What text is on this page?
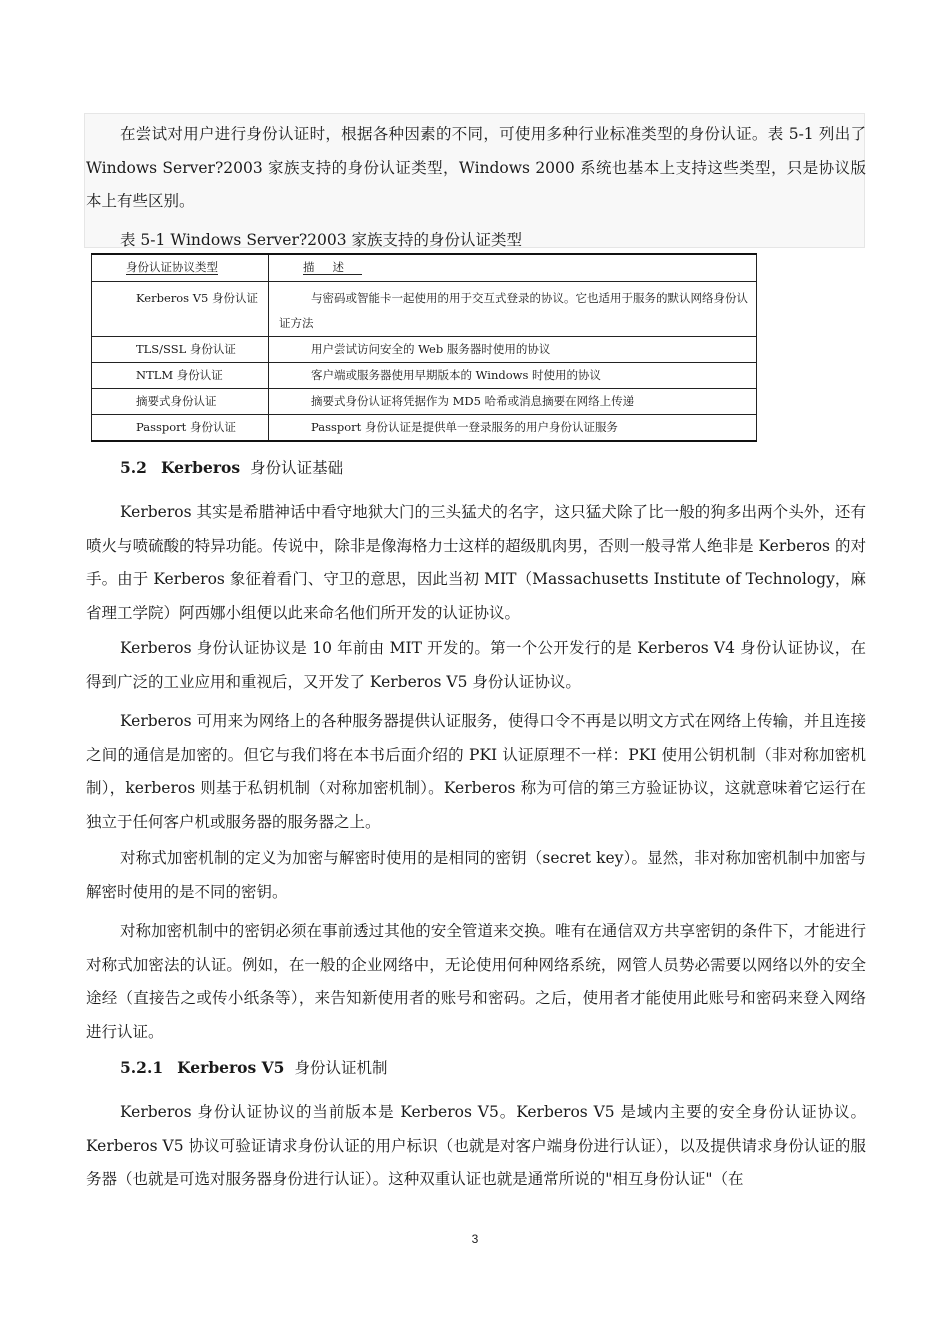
在尝试对用户进行身份认证时，根据各种因素的不同，可使用多种行业标准类型的身份认证。表 5-1 列出了 Windows Server?2003 家族支持的身份认证类型，Windows 2000 系统也基本上支持这些类型，只是协议版本上有些区别。

表 5-1 Windows Server?2003 家族支持的身份认证类型

身份认证协议类型	描述
Kerberos V5 身份认证	与密码或智能卡一起使用的用于交互式登录的协议。它也适用于服务的默认网络身份认证方法
TLS/SSL 身份认证	用户尝试访问安全的 Web 服务器时使用的协议
NTLM 身份认证	客户端或服务器使用早期版本的 Windows 时使用的协议
摘要式身份认证	摘要式身份认证将凭据作为 MD5 哈希或消息摘要在网络上传递
Passport 身份认证	Passport 身份认证是提供单一登录服务的用户身份认证服务

5.2 Kerberos 身份认证基础

Kerberos 其实是希腊神话中看守地狱大门的三头猛犬的名字，这只猛犬除了比一般的狗多出两个头外，还有喷火与喷硫酸的特异功能。传说中，除非是像海格力士这样的超级肌肉男，否则一般寻常人绝非是 Kerberos 的对手。由于 Kerberos 象征着看门、守卫的意思，因此当初 MIT（Massachusetts Institute of Technology，麻省理工学院）阿西娜小组便以此来命名他们所开发的认证协议。

Kerberos 身份认证协议是 10 年前由 MIT 开发的。第一个公开发行的是 Kerberos V4 身份认证协议，在得到广泛的工业应用和重视后，又开发了 Kerberos V5 身份认证协议。

Kerberos 可用来为网络上的各种服务器提供认证服务，使得口令不再是以明文方式在网络上传输，并且连接之间的通信是加密的。但它与我们将在本书后面介绍的 PKI 认证原理不一样：PKI 使用公钥机制（非对称加密机制），kerberos 则基于私钥机制（对称加密机制）。Kerberos 称为可信的第三方验证协议，这就意味着它运行在独立于任何客户机或服务器的服务器之上。

对称式加密机制的定义为加密与解密时使用的是相同的密钥（secret key）。显然，非对称加密机制中加密与解密时使用的是不同的密钥。

对称加密机制中的密钥必须在事前透过其他的安全管道来交换。唯有在通信双方共享密钥的条件下，才能进行对称式加密法的认证。例如，在一般的企业网络中，无论使用何种网络系统，网管人员势必需要以网络以外的安全途经（直接告之或传小纸条等），来告知新使用者的账号和密码。之后，使用者才能使用此账号和密码来登入网络进行认证。

5.2.1 Kerberos V5 身份认证机制

Kerberos 身份认证协议的当前版本是 Kerberos V5。Kerberos V5 是域内主要的安全身份认证协议。Kerberos V5 协议可验证请求身份认证的用户标识（也就是对客户端身份进行认证），以及提供请求身份认证的服务器（也就是可选对服务器身份进行认证）。这种双重认证也就是通常所说的"相互身份认证"（在

3
